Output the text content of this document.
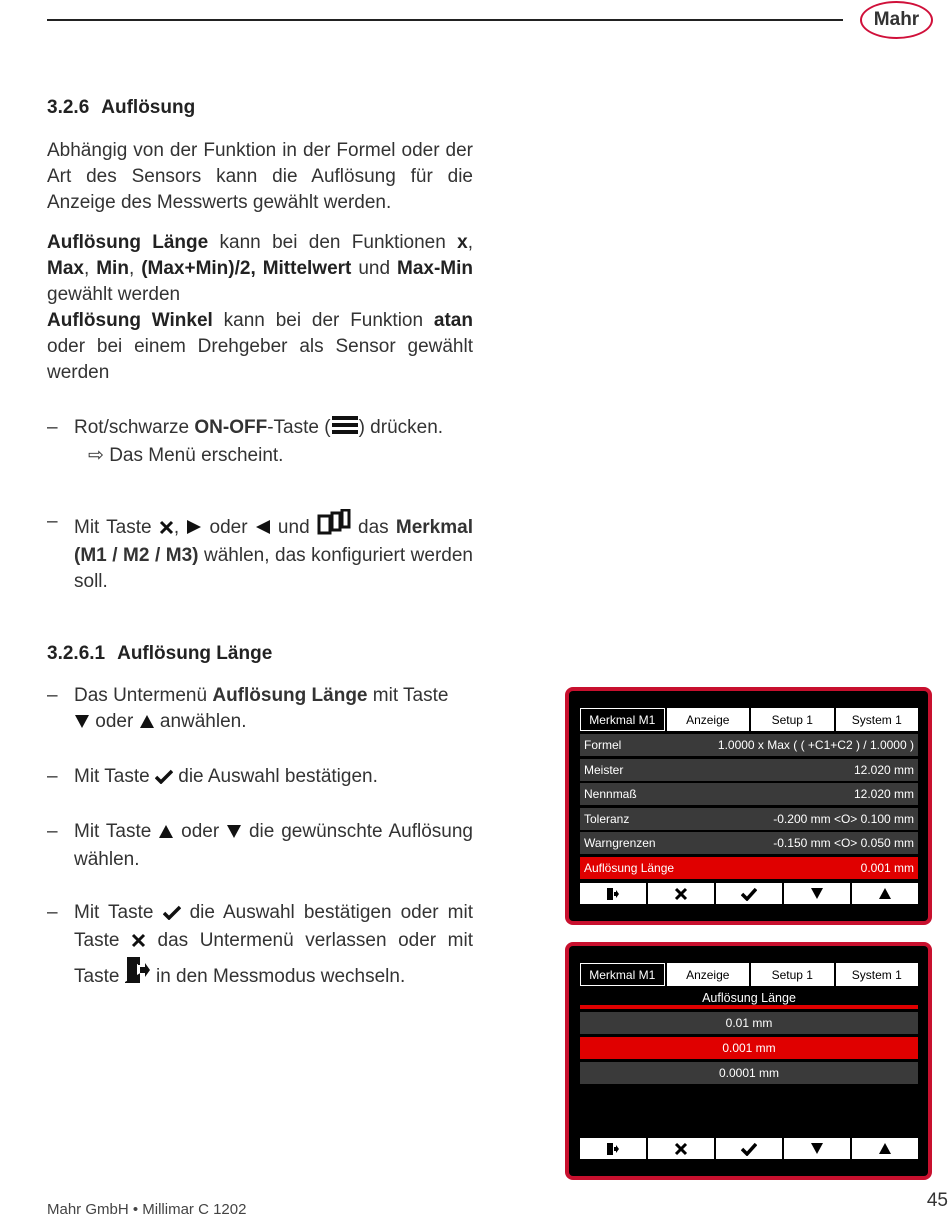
Mahr
3.2.6 Auflösung

Abhängig von der Funktion in der Formel oder der Art des Sensors kann die Auflösung für die Anzeige des Messwerts gewählt werden.

Auflösung Länge kann bei den Funktionen x, Max, Min, (Max+Min)/2, Mittelwert und Max-Min gewählt werden

Auflösung Winkel kann bei der Funktion atan oder bei einem Drehgeber als Sensor gewählt werden

– Rot/schwarze ON-OFF-Taste ( ) drücken.
⇨ Das Menü erscheint.
– Mit Taste ,  oder  und  das Merkmal (M1 / M2 / M3) wählen, das konfiguriert werden soll.
3.2.6.1 Auflösung Länge
– Das Untermenü Auflösung Länge mit Taste
oder  anwählen.
– Mit Taste  die Auswahl bestätigen.
– Mit Taste  oder  die gewünschte Auflösung wählen.
– Mit Taste  die Auswahl bestätigen oder mit Taste  das Untermenü verlassen oder mit Taste  in den Messmodus wechseln.
Merkmal M1	Anzeige	Setup 1	System 1
Formel	1.0000 x Max ( ( +C1+C2 ) / 1.0000 )
Meister	12.020 mm
Nennmaß	12.020 mm
Toleranz	-0.200 mm <O> 0.100 mm
Warngrenzen	-0.150 mm <O> 0.050 mm
Auflösung Länge	0.001 mm
Merkmal M1	Anzeige	Setup 1	System 1
Auflösung Länge
0.01 mm
0.001 mm
0.0001 mm
Mahr GmbH • Millimar C 1202	45
